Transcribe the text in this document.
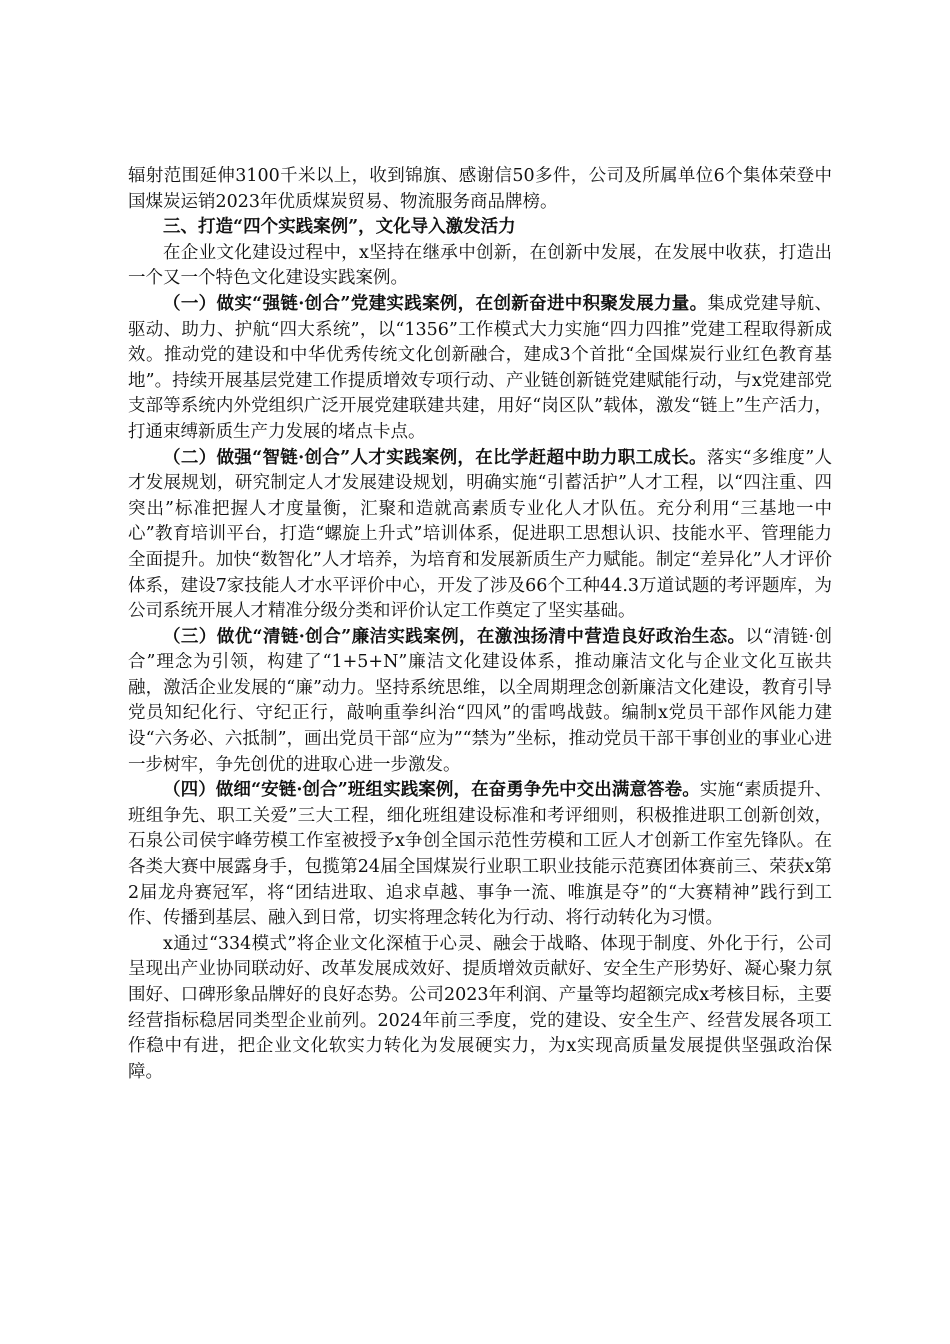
辐射范围延伸3100千米以上，收到锦旗、感谢信50多件，公司及所属单位6个集体荣登中国煤炭运销2023年优质煤炭贸易、物流服务商品牌榜。

三、打造“四个实践案例”，文化导入激发活力

在企业文化建设过程中，x坚持在继承中创新，在创新中发展，在发展中收获，打造出一个又一个特色文化建设实践案例。

（一）做实“强链·创合”党建实践案例，在创新奋进中积聚发展力量。集成党建导航、驱动、助力、护航“四大系统”，以“1356”工作模式大力实施“四力四推”党建工程取得新成效。推动党的建设和中华优秀传统文化创新融合，建成3个首批“全国煤炭行业红色教育基地”。持续开展基层党建工作提质增效专项行动、产业链创新链党建赋能行动，与x党建部党支部等系统内外党组织广泛开展党建联建共建，用好“岗区队”载体，激发“链上”生产活力，打通束缚新质生产力发展的堵点卡点。

（二）做强“智链·创合”人才实践案例，在比学赶超中助力职工成长。落实“多维度”人才发展规划，研究制定人才发展建设规划，明确实施“引蓄活护”人才工程，以“四注重、四突出”标准把握人才度量衡，汇聚和造就高素质专业化人才队伍。充分利用“三基地一中心”教育培训平台，打造“螺旋上升式”培训体系，促进职工思想认识、技能水平、管理能力全面提升。加快“数智化”人才培养，为培育和发展新质生产力赋能。制定“差异化”人才评价体系，建设7家技能人才水平评价中心，开发了涉及66个工种44.3万道试题的考评题库，为公司系统开展人才精准分级分类和评价认定工作奠定了坚实基础。

（三）做优“清链·创合”廉洁实践案例，在激浊扬清中营造良好政治生态。以“清链·创合”理念为引领，构建了“1+5+N”廉洁文化建设体系，推动廉洁文化与企业文化互嵌共融，激活企业发展的“廉”动力。坚持系统思维，以全周期理念创新廉洁文化建设，教育引导党员知纪化行、守纪正行，敲响重拳纠治“四风”的雷鸣战鼓。编制x党员干部作风能力建设“六务必、六抵制”，画出党员干部“应为”“禁为”坐标，推动党员干部干事创业的事业心进一步树牢，争先创优的进取心进一步激发。

（四）做细“安链·创合”班组实践案例，在奋勇争先中交出满意答卷。实施“素质提升、班组争先、职工关爱”三大工程，细化班组建设标准和考评细则，积极推进职工创新创效，石泉公司侯宇峰劳模工作室被授予x争创全国示范性劳模和工匠人才创新工作室先锋队。在各类大赛中展露身手，包揽第24届全国煤炭行业职工职业技能示范赛团体赛前三、荣获x第2届龙舟赛冠军，将“团结进取、追求卓越、事争一流、唯旗是夺”的“大赛精神”践行到工作、传播到基层、融入到日常，切实将理念转化为行动、将行动转化为习惯。

x通过“334模式”将企业文化深植于心灵、融会于战略、体现于制度、外化于行，公司呈现出产业协同联动好、改革发展成效好、提质增效贡献好、安全生产形势好、凝心聚力氛围好、口碑形象品牌好的良好态势。公司2023年利润、产量等均超额完成x考核目标，主要经营指标稳居同类型企业前列。2024年前三季度，党的建设、安全生产、经营发展各项工作稳中有进，把企业文化软实力转化为发展硬实力，为x实现高质量发展提供坚强政治保障。
